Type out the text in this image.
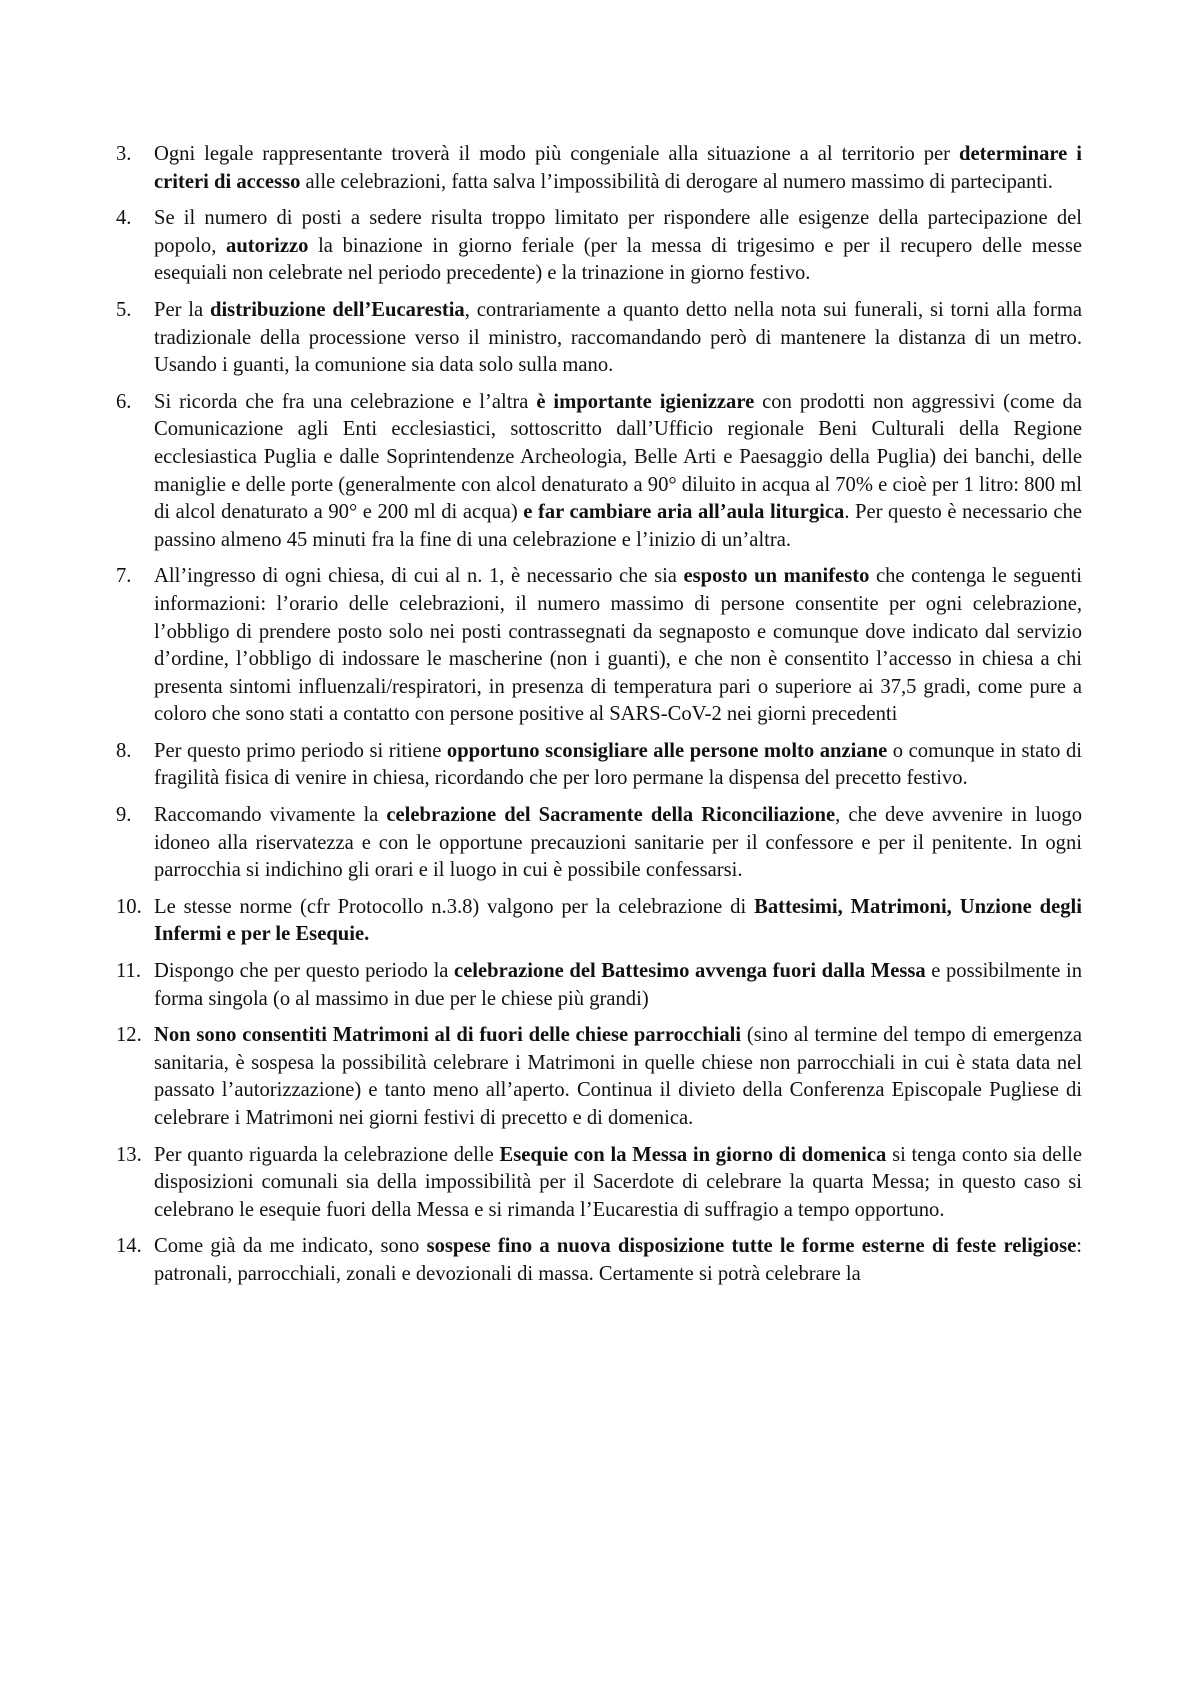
3.	Ogni legale rappresentante troverà il modo più congeniale alla situazione a al territorio per determinare i criteri di accesso alle celebrazioni, fatta salva l’impossibilità di derogare al numero massimo di partecipanti.

4.	Se il numero di posti a sedere risulta troppo limitato per rispondere alle esigenze della partecipazione del popolo, autorizzo la binazione in giorno feriale (per la messa di trigesimo e per il recupero delle messe esequiali non celebrate nel periodo precedente) e la trinazione in giorno festivo.

5.	Per la distribuzione dell’Eucarestia, contrariamente a quanto detto nella nota sui funerali, si torni alla forma tradizionale della processione verso il ministro, raccomandando però di mantenere la distanza di un metro. Usando i guanti, la comunione sia data solo sulla mano.

6.	Si ricorda che fra una celebrazione e l’altra è importante igienizzare con prodotti non aggressivi (come da Comunicazione agli Enti ecclesiastici, sottoscritto dall’Ufficio regionale Beni Culturali della Regione ecclesiastica Puglia e dalle Soprintendenze Archeologia, Belle Arti e Paesaggio della Puglia) dei banchi, delle maniglie e delle porte (generalmente con alcol denaturato a 90° diluito in acqua al 70% e cioè per 1 litro: 800 ml di alcol denaturato a 90° e 200 ml di acqua) e far cambiare aria all’aula liturgica. Per questo è necessario che passino almeno 45 minuti fra la fine di una celebrazione e l’inizio di un’altra.

7.	All’ingresso di ogni chiesa, di cui al n. 1, è necessario che sia esposto un manifesto che contenga le seguenti informazioni: l’orario delle celebrazioni, il numero massimo di persone consentite per ogni celebrazione, l’obbligo di prendere posto solo nei posti contrassegnati da segnaposto e comunque dove indicato dal servizio d’ordine, l’obbligo di indossare le mascherine (non i guanti), e che non è consentito l’accesso in chiesa a chi presenta sintomi influenzali/respiratori, in presenza di temperatura pari o superiore ai 37,5 gradi, come pure a coloro che sono stati a contatto con persone positive al SARS-CoV-2 nei giorni precedenti

8.	Per questo primo periodo si ritiene opportuno sconsigliare alle persone molto anziane o comunque in stato di fragilità fisica di venire in chiesa, ricordando che per loro permane la dispensa del precetto festivo.

9.	Raccomando vivamente la celebrazione del Sacramente della Riconciliazione, che deve avvenire in luogo idoneo alla riservatezza e con le opportune precauzioni sanitarie per il confessore e per il penitente. In ogni parrocchia si indichino gli orari e il luogo in cui è possibile confessarsi.

10. Le stesse norme (cfr Protocollo n.3.8) valgono per la celebrazione di Battesimi, Matrimoni, Unzione degli Infermi e per le Esequie.

11. Dispongo che per questo periodo la celebrazione del Battesimo avvenga fuori dalla Messa e possibilmente in forma singola (o al massimo in due per le chiese più grandi)

12. Non sono consentiti Matrimoni al di fuori delle chiese parrocchiali (sino al termine del tempo di emergenza sanitaria, è sospesa la possibilità celebrare i Matrimoni in quelle chiese non parrocchiali in cui è stata data nel passato l’autorizzazione) e tanto meno all’aperto. Continua il divieto della Conferenza Episcopale Pugliese di celebrare i Matrimoni nei giorni festivi di precetto e di domenica.

13. Per quanto riguarda la celebrazione delle Esequie con la Messa in giorno di domenica si tenga conto sia delle disposizioni comunali sia della impossibilità per il Sacerdote di celebrare la quarta Messa; in questo caso si celebrano le esequie fuori della Messa e si rimanda l’Eucarestia di suffragio a tempo opportuno.

14. Come già da me indicato, sono sospese fino a nuova disposizione tutte le forme esterne di feste religiose: patronali, parrocchiali, zonali e devozionali di massa. Certamente si potrà celebrare la
